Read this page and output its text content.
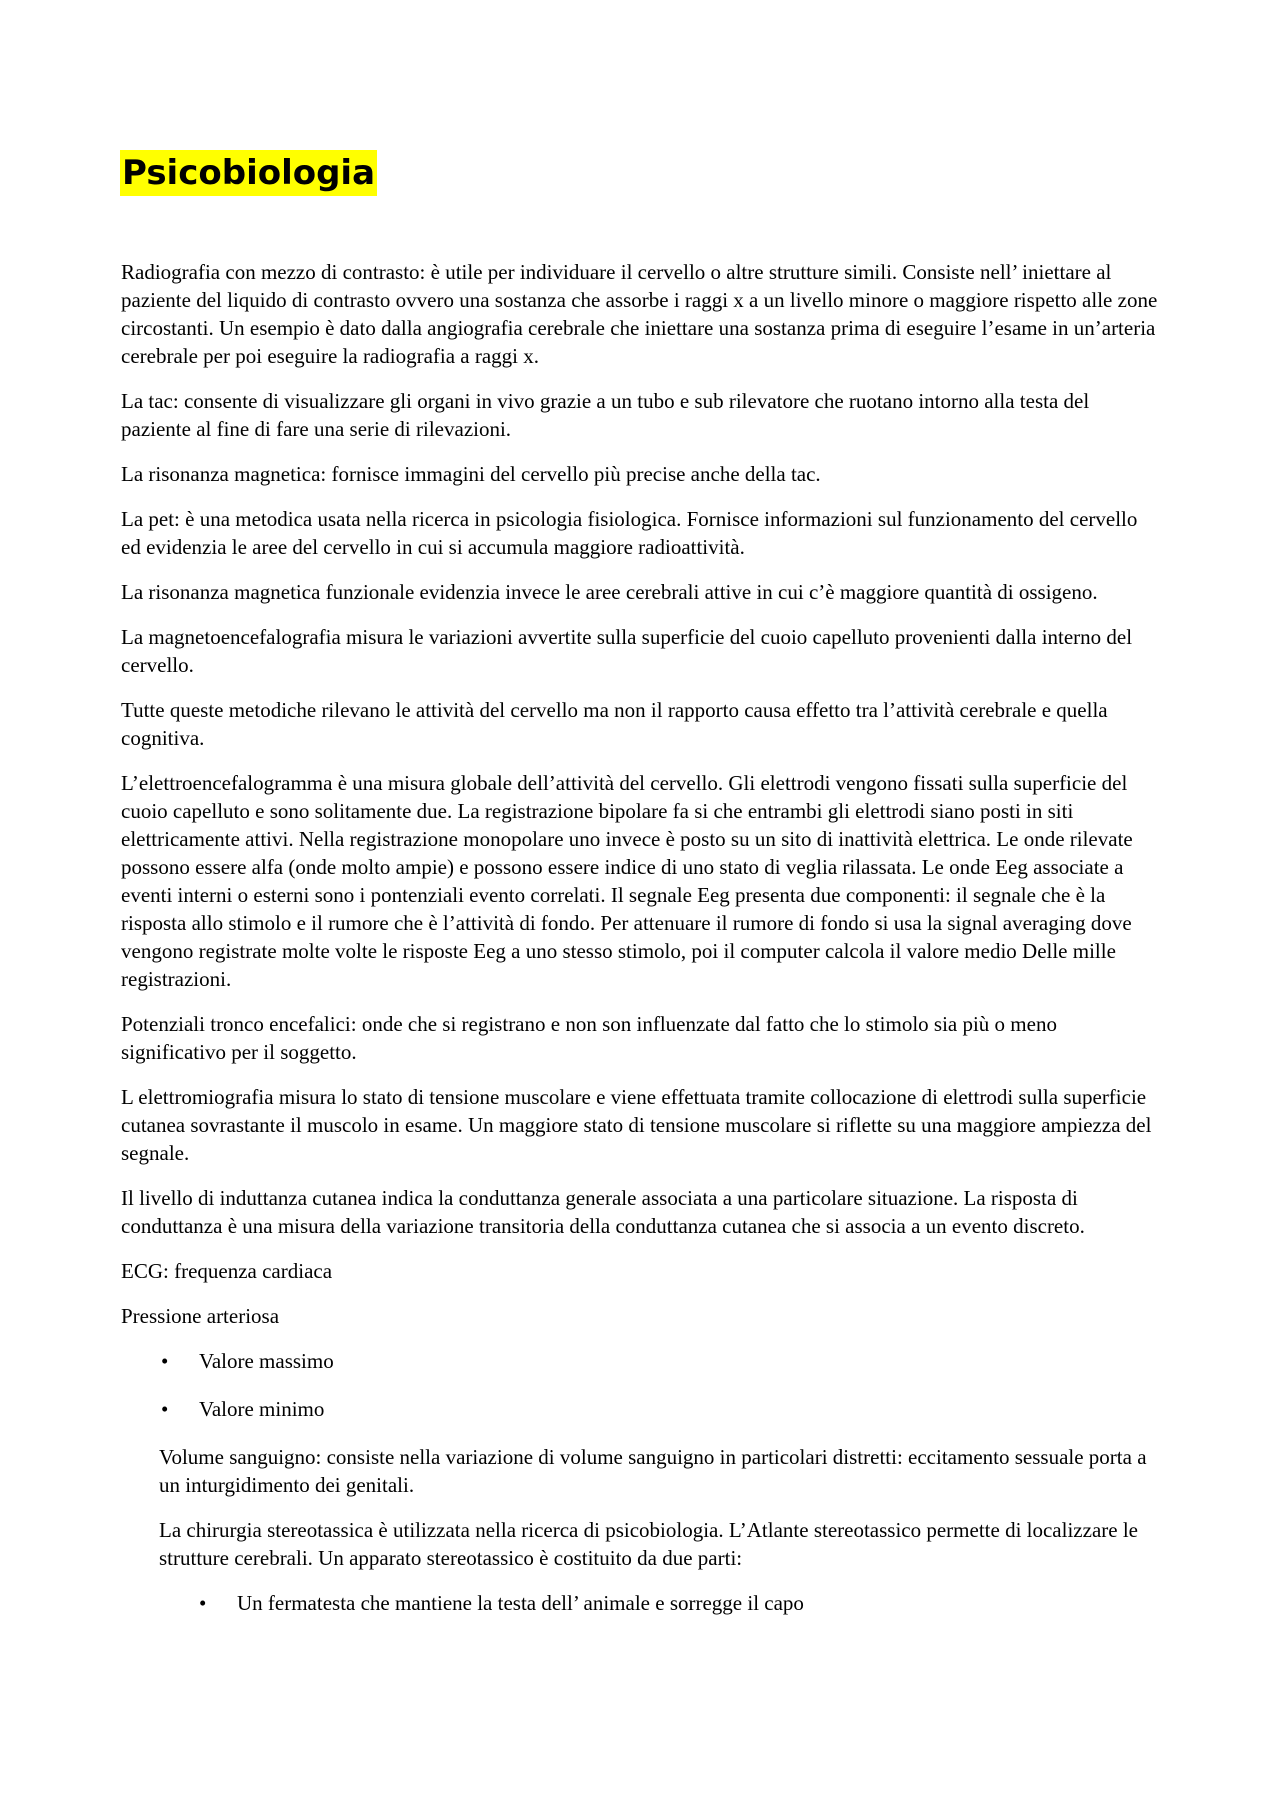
Psicobiologia

Radiografia con mezzo di contrasto: è utile per individuare il cervello o altre strutture simili. Consiste nell’ iniettare al paziente del liquido di contrasto ovvero una sostanza che assorbe i raggi x a un livello minore o maggiore rispetto alle zone circostanti. Un esempio è dato dalla angiografia cerebrale che iniettare una sostanza prima di eseguire l’esame in un’arteria cerebrale per poi eseguire la radiografia a raggi x.

La tac: consente di visualizzare gli organi in vivo grazie a un tubo e sub rilevatore che ruotano intorno alla testa del paziente al fine di fare una serie di rilevazioni.

La risonanza magnetica: fornisce immagini del cervello più precise anche della tac.

La pet: è una metodica usata nella ricerca in psicologia fisiologica. Fornisce informazioni sul funzionamento del cervello ed evidenzia le aree del cervello in cui si accumula maggiore radioattività.

La risonanza magnetica funzionale evidenzia invece le aree cerebrali attive in cui c’è maggiore quantità di ossigeno.

La magnetoencefalografia misura le variazioni avvertite sulla superficie del cuoio capelluto provenienti dalla interno del cervello.

Tutte queste metodiche rilevano le attività del cervello ma non il rapporto causa effetto tra l’attività cerebrale e quella cognitiva.

L’elettroencefalogramma è una misura globale dell’attività del cervello. Gli elettrodi vengono fissati sulla superficie del cuoio capelluto e sono solitamente due. La registrazione bipolare fa si che entrambi gli elettrodi siano posti in siti elettricamente attivi. Nella registrazione monopolare uno invece è posto su un sito di inattività elettrica. Le onde rilevate possono essere alfa (onde molto ampie) e possono essere indice di uno stato di veglia rilassata. Le onde Eeg associate a eventi interni o esterni sono i pontenziali evento correlati. Il segnale Eeg presenta due componenti: il segnale che è la risposta allo stimolo e il rumore che è l’attività di fondo. Per attenuare il rumore di fondo si usa la signal averaging dove vengono registrate molte volte le risposte Eeg a uno stesso stimolo, poi il computer calcola il valore medio Delle mille registrazioni.

Potenziali tronco encefalici: onde che si registrano e non son influenzate dal fatto che lo stimolo sia più o meno significativo per il soggetto.

L elettromiografia misura lo stato di tensione muscolare e viene effettuata tramite collocazione di elettrodi sulla superficie cutanea sovrastante il muscolo in esame. Un maggiore stato di tensione muscolare si riflette su una maggiore ampiezza del segnale.

Il livello di induttanza cutanea indica la conduttanza generale associata a una particolare situazione. La risposta di conduttanza è una misura della variazione transitoria della conduttanza cutanea che si associa a un evento discreto.

ECG: frequenza cardiaca

Pressione arteriosa

• Valore massimo
• Valore minimo

Volume sanguigno: consiste nella variazione di volume sanguigno in particolari distretti: eccitamento sessuale porta a un inturgidimento dei genitali.

La chirurgia stereotassica è utilizzata nella ricerca di psicobiologia. L’Atlante stereotassico permette di localizzare le strutture cerebrali. Un apparato stereotassico è costituito da due parti:

• Un fermatesta che mantiene la testa dell’ animale e sorregge il capo
